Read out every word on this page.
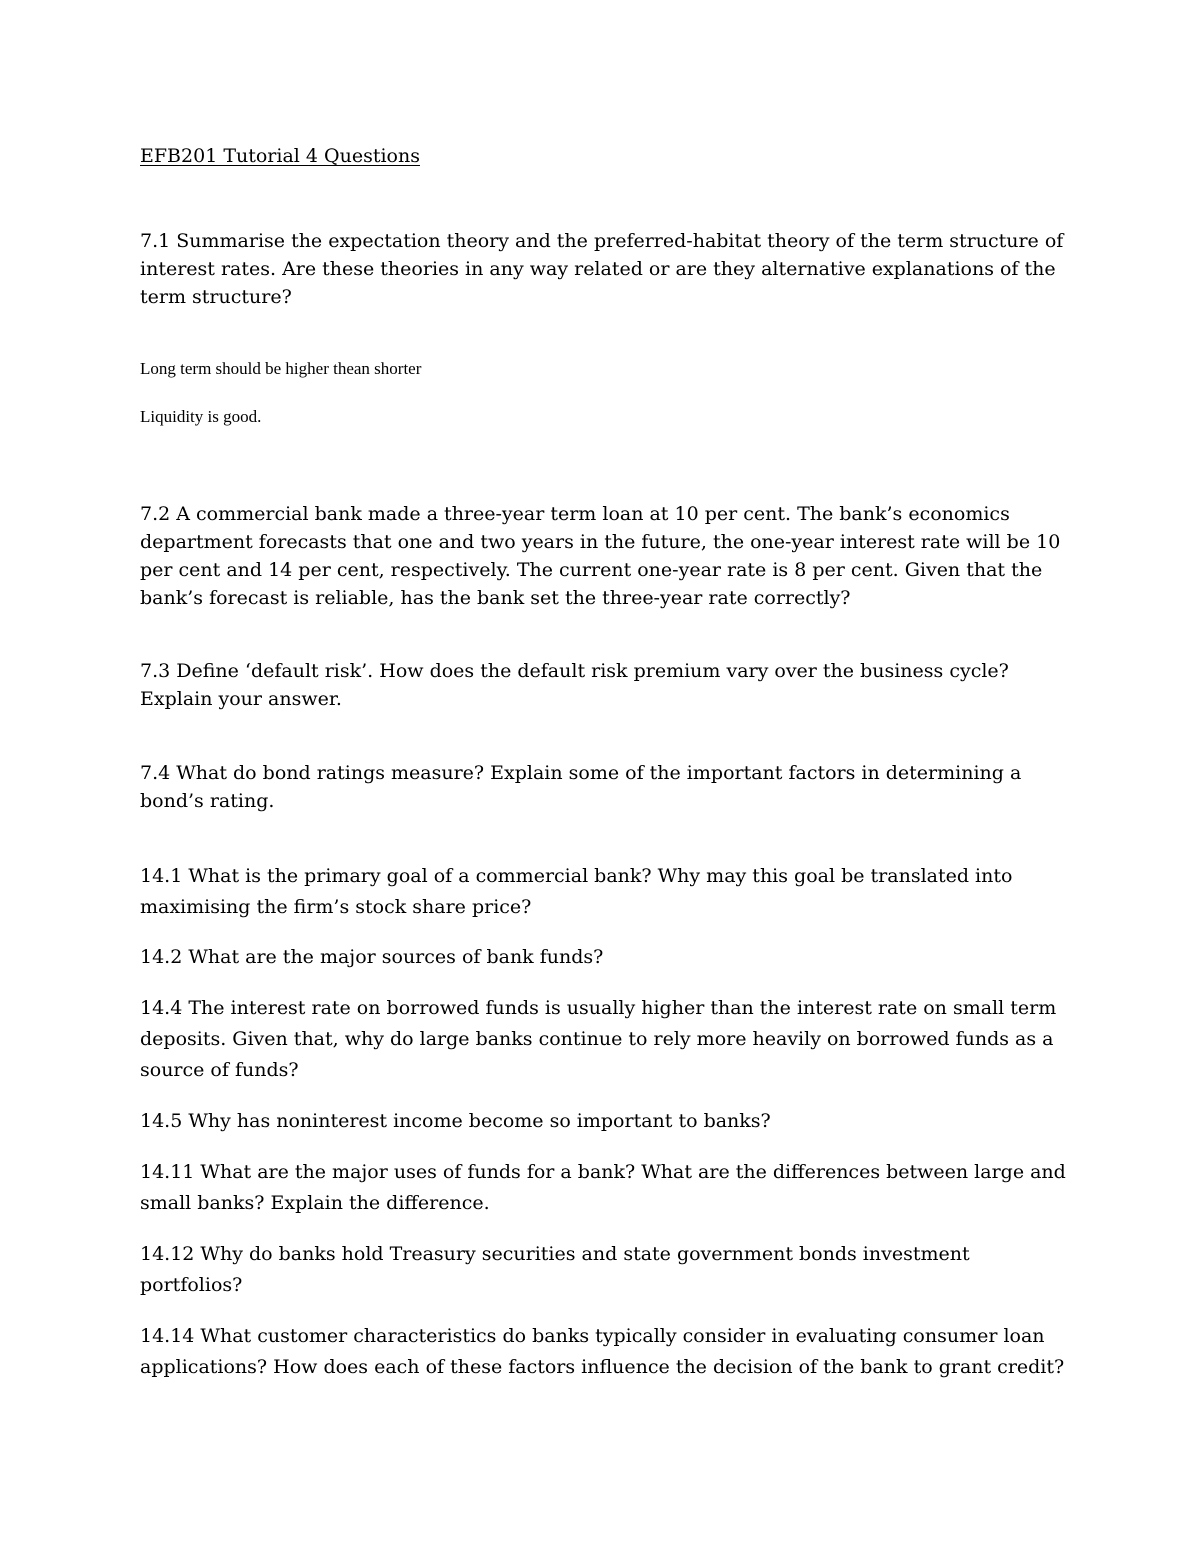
EFB201 Tutorial 4 Questions

7.1 Summarise the expectation theory and the preferred-habitat theory of the term structure of interest rates. Are these theories in any way related or are they alternative explanations of the term structure?

Long term should be higher thean shorter

Liquidity is good.

7.2 A commercial bank made a three-year term loan at 10 per cent. The bank’s economics department forecasts that one and two years in the future, the one-year interest rate will be 10 per cent and 14 per cent, respectively. The current one-year rate is 8 per cent. Given that the bank’s forecast is reliable, has the bank set the three-year rate correctly?

7.3 Define ‘default risk’. How does the default risk premium vary over the business cycle? Explain your answer.

7.4 What do bond ratings measure? Explain some of the important factors in determining a bond’s rating.

14.1 What is the primary goal of a commercial bank? Why may this goal be translated into maximising the firm’s stock share price?

14.2 What are the major sources of bank funds?

14.4 The interest rate on borrowed funds is usually higher than the interest rate on small term deposits. Given that, why do large banks continue to rely more heavily on borrowed funds as a source of funds?

14.5 Why has noninterest income become so important to banks?

14.11 What are the major uses of funds for a bank? What are the differences between large and small banks? Explain the difference.

14.12 Why do banks hold Treasury securities and state government bonds investment portfolios?

14.14 What customer characteristics do banks typically consider in evaluating consumer loan applications? How does each of these factors influence the decision of the bank to grant credit?
